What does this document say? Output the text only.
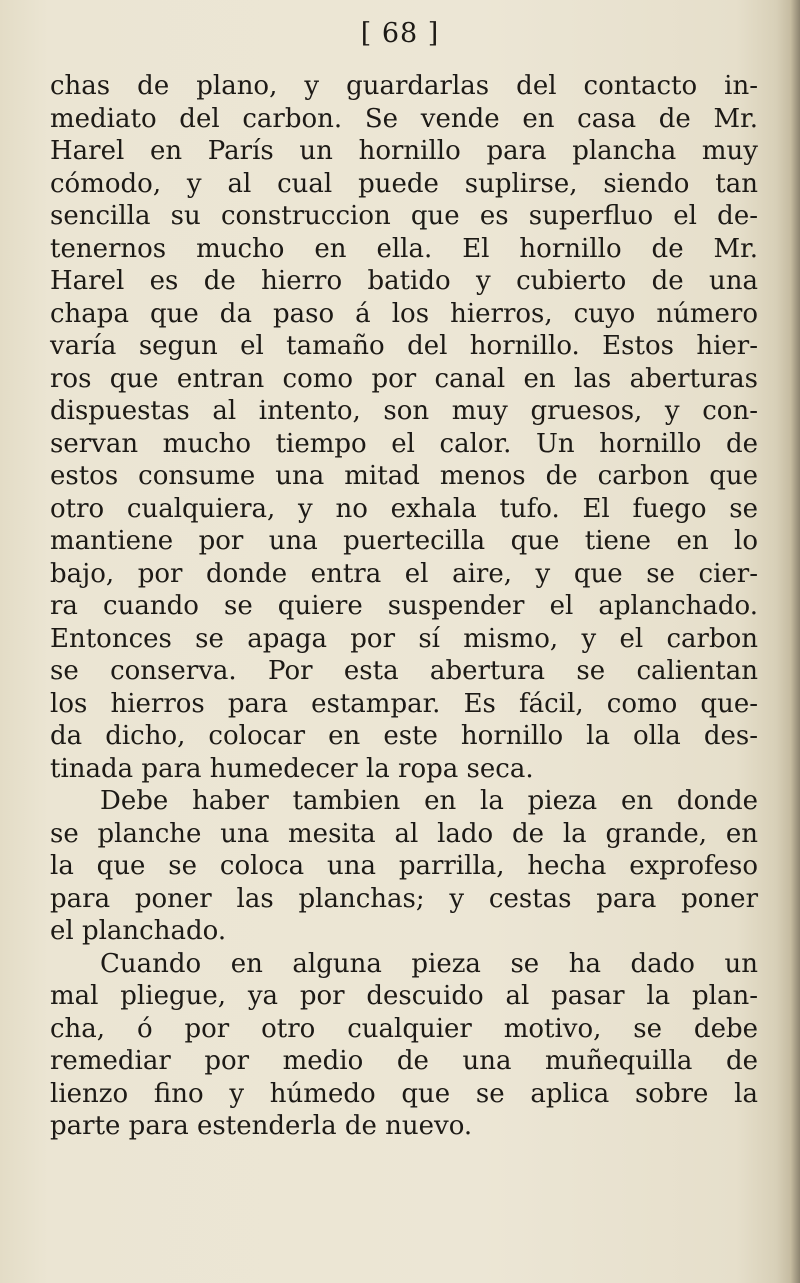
[ 68 ]
chas de plano, y guardarlas del contacto in-
mediato del carbon. Se vende en casa de Mr.
Harel en París un hornillo para plancha muy
cómodo, y al cual puede suplirse, siendo tan
sencilla su construccion que es superfluo el de-
tenernos mucho en ella. El hornillo de Mr.
Harel es de hierro batido y cubierto de una
chapa que da paso á los hierros, cuyo número
varía segun el tamaño del hornillo. Estos hier-
ros que entran como por canal en las aberturas
dispuestas al intento, son muy gruesos, y con-
servan mucho tiempo el calor. Un hornillo de
estos consume una mitad menos de carbon que
otro cualquiera, y no exhala tufo. El fuego se
mantiene por una puertecilla que tiene en lo
bajo, por donde entra el aire, y que se cier-
ra cuando se quiere suspender el aplanchado.
Entonces se apaga por sí mismo, y el carbon
se conserva. Por esta abertura se calientan
los hierros para estampar. Es fácil, como que-
da dicho, colocar en este hornillo la olla des-
tinada para humedecer la ropa seca.
Debe haber tambien en la pieza en donde
se planche una mesita al lado de la grande, en
la que se coloca una parrilla, hecha exprofeso
para poner las planchas; y cestas para poner
el planchado.
Cuando en alguna pieza se ha dado un
mal pliegue, ya por descuido al pasar la plan-
cha, ó por otro cualquier motivo, se debe
remediar por medio de una muñequilla de
lienzo fino y húmedo que se aplica sobre la
parte para estenderla de nuevo.
